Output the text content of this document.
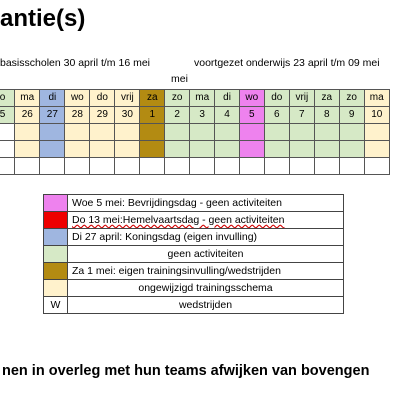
antie(s)
basisscholen 30 april t/m 16 mei	voortgezet onderwijs 23 april t/m 09 mei
mei
o	ma	di	wo	do	vrij	za	zo	ma	di	wo	do	vrij	za	zo	ma
5	26	27	28	29	30	1	2	3	4	5	6	7	8	9	10

	Woe 5 mei: Bevrijdingsdag - geen activiteiten
	Do 13 mei:Hemelvaartsdag - geen activiteiten
	Di 27 april: Koningsdag (eigen invulling)
	geen activiteiten
	Za 1 mei: eigen trainingsinvulling/wedstrijden
	ongewijzigd trainingsschema
W	wedstrijden
nen in overleg met hun teams afwijken van bovengen
